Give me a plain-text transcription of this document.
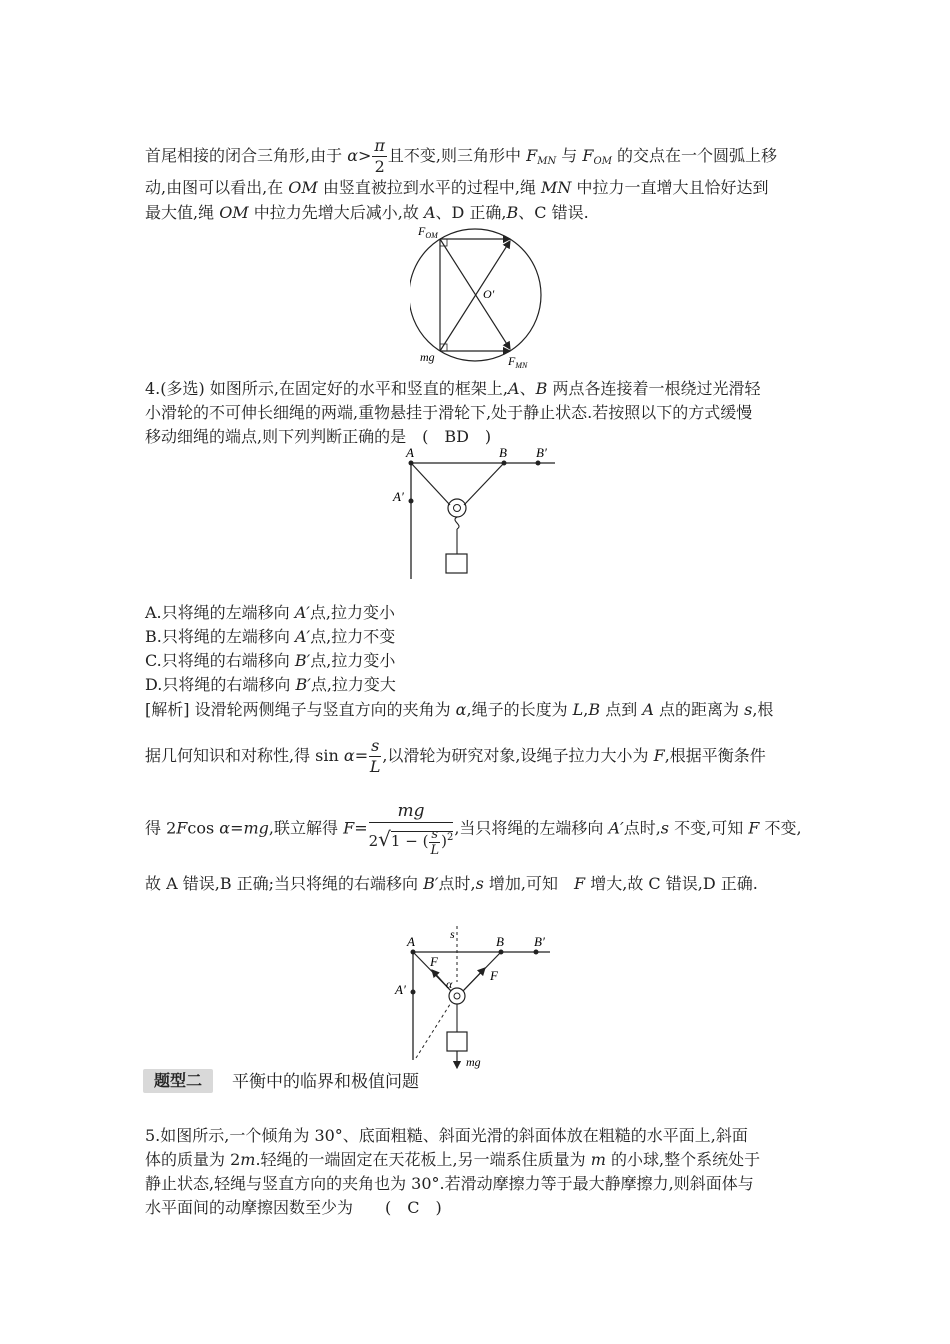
首尾相接的闭合三角形,由于 $\alpha> \frac{\pi}{2}$ 且不变,则三角形中 $F_{MN}$ 与 $F_{OM}$ 的交点在一个圆弧上移
动,由图可以看出,在 OM 由竖直被拉到水平的过程中,绳 MN 中拉力一直增大且恰好达到
最大值,绳 OM 中拉力先增大后减小,故 A、D 正确,B、C 错误.
$F_{OM}$
O′
mg	$F_{MN}$
4.(多选) 如图所示,在固定好的水平和竖直的框架上,A、B 两点各连接着一根绕过光滑轻
小滑轮的不可伸长细绳的两端,重物悬挂于滑轮下,处于静止状态.若按照以下的方式缓慢
移动细绳的端点,则下列判断正确的是　(　BD　)
A	B B′
A′
A.只将绳的左端移向 A′点,拉力变小
B.只将绳的左端移向 A′点,拉力不变
C.只将绳的右端移向 B′点,拉力变小
D.只将绳的右端移向 B′点,拉力变大
[解析] 设滑轮两侧绳子与竖直方向的夹角为 α,绳子的长度为 L,B 点到 A 点的距离为 s,根
据几何知识和对称性,得 $\sin \alpha= \frac{s}{L}$ ,以滑轮为研究对象,设绳子拉力大小为 F,根据平衡条件
得 2Fcos α=mg,联立解得 $F= \frac{mg}{2√1 - ( \frac{s}{L} )^2}$ ,当只将绳的左端移向 A′点时,s 不变,可知 F 不变,
故 A 错误,B 正确;当只将绳的右端移向 B′点时,s 增加,可知　F 增大,故 C 错误,D 正确.
A	B B′
A′
s
F
F
α
mg
题型二	平衡中的临界和极值问题
5.如图所示,一个倾角为 30°、底面粗糙、斜面光滑的斜面体放在粗糙的水平面上,斜面
体的质量为 2m.轻绳的一端固定在天花板上,另一端系住质量为 m 的小球,整个系统处于
静止状态,轻绳与竖直方向的夹角也为 30°.若滑动摩擦力等于最大静摩擦力,则斜面体与
水平面间的动摩擦因数至少为　　(　C　)
